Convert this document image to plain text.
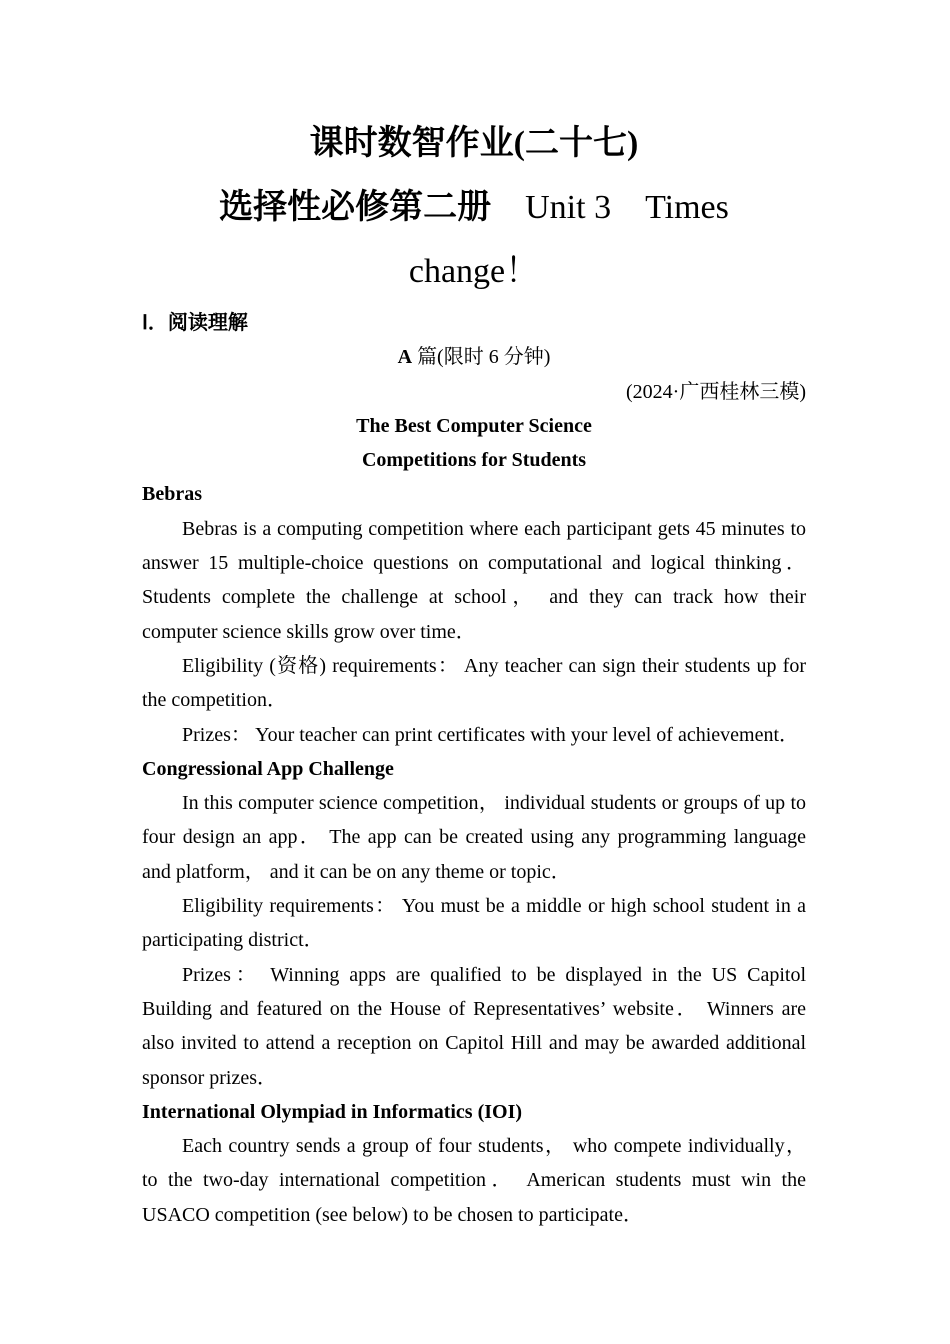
课时数智作业(二十七)
选择性必修第二册　Unit 3　Times
change！
Ⅰ．阅读理解
A 篇(限时 6 分钟)
(2024·广西桂林三模)
The Best Computer Science
Competitions for Students
Bebras
Bebras is a computing competition where each participant gets 45 minutes to answer 15 multiple-choice questions on computational and logical thinking． Students complete the challenge at school， and they can track how their computer science skills grow over time．
Eligibility (资格) requirements： Any teacher can sign their students up for the competition．
Prizes： Your teacher can print certificates with your level of achievement．
Congressional App Challenge
In this computer science competition， individual students or groups of up to four design an app． The app can be created using any programming language and platform， and it can be on any theme or topic．
Eligibility requirements： You must be a middle or high school student in a participating district．
Prizes： Winning apps are qualified to be displayed in the US Capitol Building and featured on the House of Representatives’ website． Winners are also invited to attend a reception on Capitol Hill and may be awarded additional sponsor prizes．
International Olympiad in Informatics (IOI)
Each country sends a group of four students， who compete individually， to the two-day international competition． American students must win the USACO competition (see below) to be chosen to participate．
